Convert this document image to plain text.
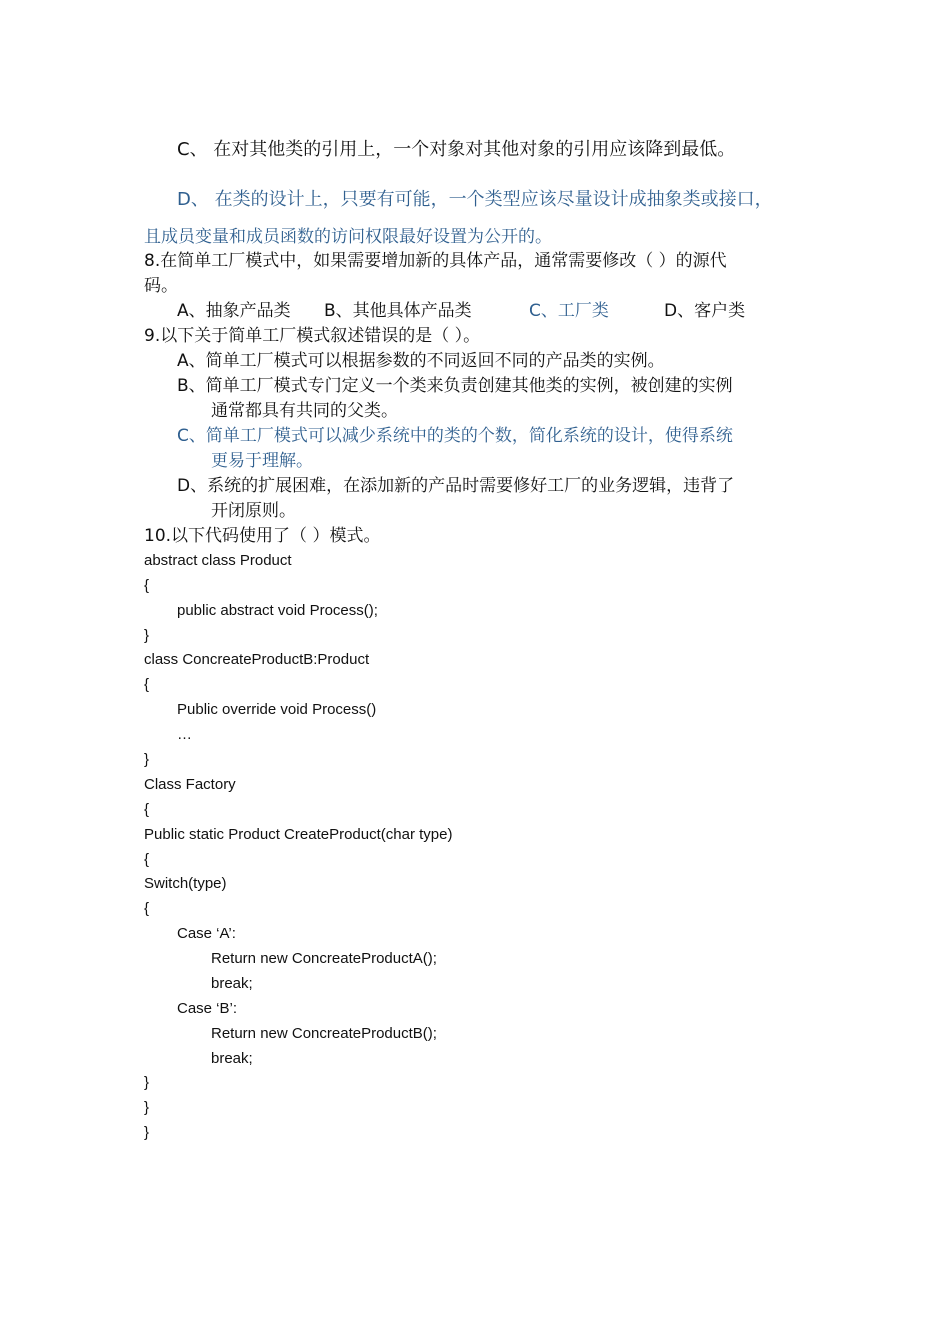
C、 在对其他类的引用上，一个对象对其他对象的引用应该降到最低。
D、 在类的设计上，只要有可能，一个类型应该尽量设计成抽象类或接口，
且成员变量和成员函数的访问权限最好设置为公开的。
8.在简单工厂模式中，如果需要增加新的具体产品，通常需要修改（ ）的源代
码。
A、抽象产品类 B、其他具体产品类	C、工厂类	D、客户类
9.以下关于简单工厂模式叙述错误的是（ ）。
A、简单工厂模式可以根据参数的不同返回不同的产品类的实例。
B、简单工厂模式专门定义一个类来负责创建其他类的实例，被创建的实例
通常都具有共同的父类。
C、简单工厂模式可以减少系统中的类的个数，简化系统的设计，使得系统
更易于理解。
D、系统的扩展困难，在添加新的产品时需要修好工厂的业务逻辑，违背了
开闭原则。
10.以下代码使用了（ ）模式。
abstract class Product
{
public abstract void Process();
}
class ConcreateProductB:Product
{
Public override void Process()
…
}
Class Factory
{
Public static Product CreateProduct(char type)
{
Switch(type)
{
Case ‘A’:
Return new ConcreateProductA();
break;
Case ‘B’:
Return new ConcreateProductB();
break;
}
}
}
